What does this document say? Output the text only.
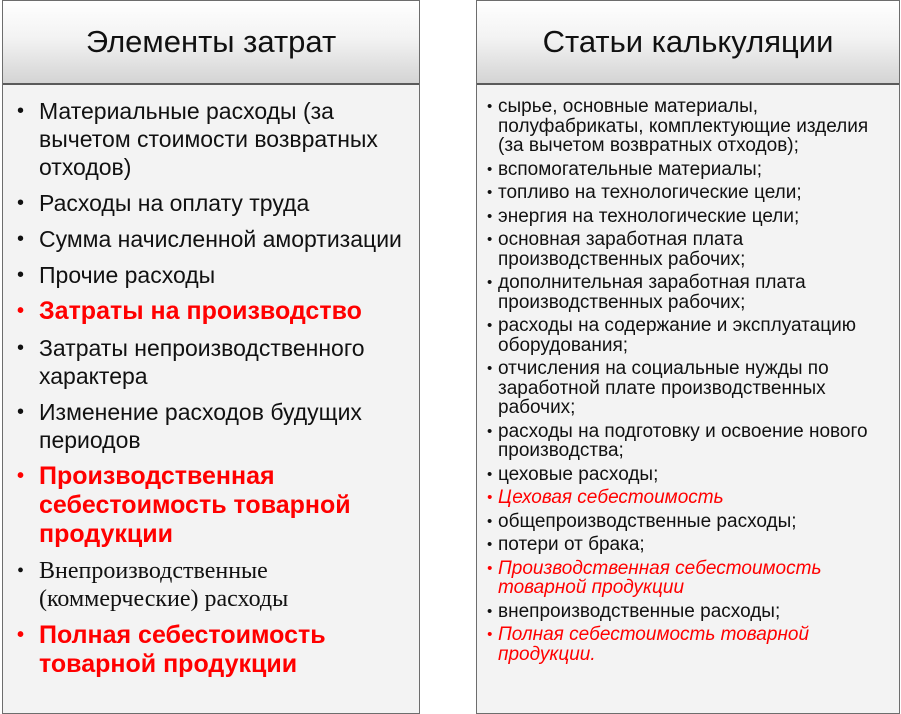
Элементы затрат
• Материальные расходы (за вычетом стоимости возвратных отходов)
• Расходы на оплату труда
• Сумма начисленной амортизации
• Прочие расходы
• Затраты на производство
• Затраты непроизводственного характера
• Изменение расходов будущих периодов
• Производственная себестоимость товарной продукции
• Внепроизводственные (коммерческие) расходы
• Полная себестоимость товарной продукции
Статьи калькуляции
• сырье, основные материалы, полуфабрикаты, комплектующие изделия (за вычетом возвратных отходов);
• вспомогательные материалы;
• топливо на технологические цели;
• энергия на технологические цели;
• основная заработная плата производственных рабочих;
• дополнительная заработная плата производственных рабочих;
• расходы на содержание и эксплуатацию оборудования;
• отчисления на социальные нужды по заработной плате производственных рабочих;
• расходы на подготовку и освоение нового производства;
• цеховые расходы;
• Цеховая себестоимость
• общепроизводственные расходы;
• потери от брака;
• Производственная себестоимость товарной продукции
• внепроизводственные расходы;
• Полная себестоимость товарной продукции.
